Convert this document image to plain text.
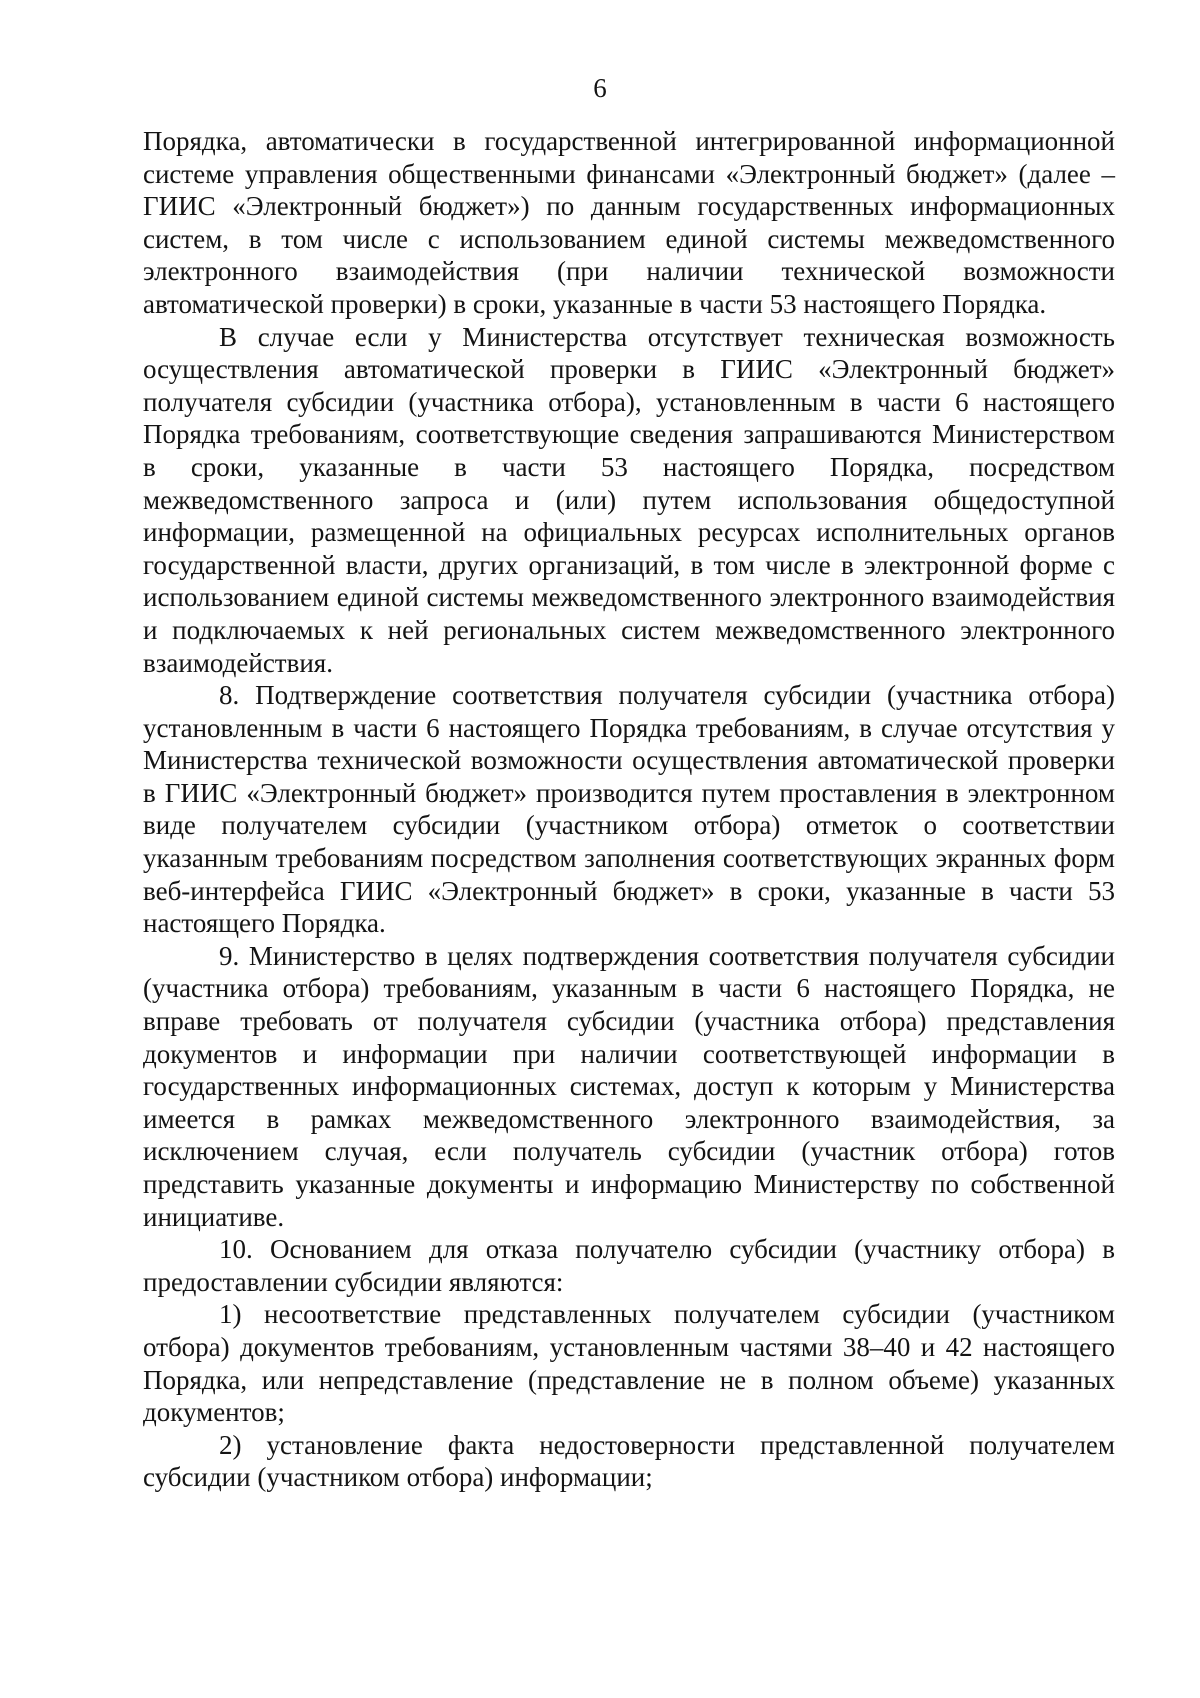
6

Порядка, автоматически в государственной интегрированной информационной системе управления общественными финансами «Электронный бюджет» (далее – ГИИС «Электронный бюджет») по данным государственных информационных систем, в том числе с использованием единой системы межведомственного электронного взаимодействия (при наличии технической возможности автоматической проверки) в сроки, указанные в части 53 настоящего Порядка.

В случае если у Министерства отсутствует техническая возможность осуществления автоматической проверки в ГИИС «Электронный бюджет» получателя субсидии (участника отбора), установленным в части 6 настоящего Порядка требованиям, соответствующие сведения запрашиваются Министерством в сроки, указанные в части 53 настоящего Порядка, посредством межведомственного запроса и (или) путем использования общедоступной информации, размещенной на официальных ресурсах исполнительных органов государственной власти, других организаций, в том числе в электронной форме с использованием единой системы межведомственного электронного взаимодействия и подключаемых к ней региональных систем межведомственного электронного взаимодействия.

8. Подтверждение соответствия получателя субсидии (участника отбора) установленным в части 6 настоящего Порядка требованиям, в случае отсутствия у Министерства технической возможности осуществления автоматической проверки в ГИИС «Электронный бюджет» производится путем проставления в электронном виде получателем субсидии (участником отбора) отметок о соответствии указанным требованиям посредством заполнения соответствующих экранных форм веб-интерфейса ГИИС «Электронный бюджет» в сроки, указанные в части 53 настоящего Порядка.

9. Министерство в целях подтверждения соответствия получателя субсидии (участника отбора) требованиям, указанным в части 6 настоящего Порядка, не вправе требовать от получателя субсидии (участника отбора) представления документов и информации при наличии соответствующей информации в государственных информационных системах, доступ к которым у Министерства имеется в рамках межведомственного электронного взаимодействия, за исключением случая, если получатель субсидии (участник отбора) готов представить указанные документы и информацию Министерству по собственной инициативе.

10. Основанием для отказа получателю субсидии (участнику отбора) в предоставлении субсидии являются:

1) несоответствие представленных получателем субсидии (участником отбора) документов требованиям, установленным частями 38–40 и 42 настоящего Порядка, или непредставление (представление не в полном объеме) указанных документов;

2) установление факта недостоверности представленной получателем субсидии (участником отбора) информации;
